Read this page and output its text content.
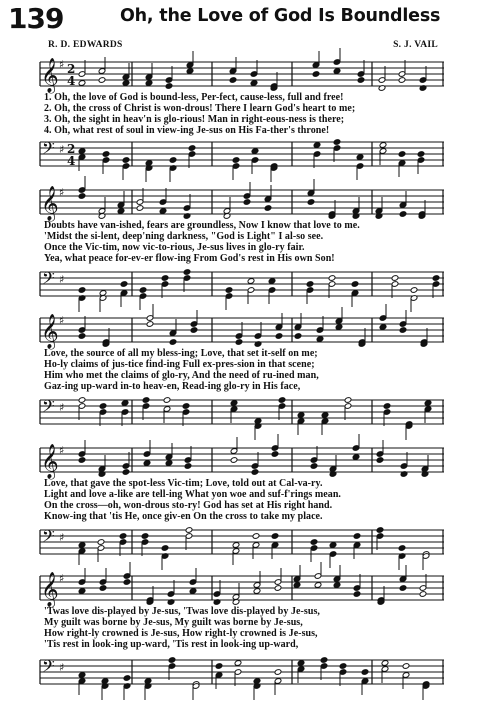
139	Oh, the Love of God Is Boundless
R. D. EDWARDS	S. J. VAIL
𝄞 ♯ 2
4
1. Oh, the love of God is bound-less, Per-fect, cause-less, full and free!
2. Oh, the cross of Christ is won-drous! There I learn God's heart to me;
3. Oh, the sight in heav'n is glo-rious! Man in right-eous-ness is there;
4. Oh, what rest of soul in view-ing Je-sus on His Fa-ther's throne!
𝄢 ♯ 2
4
𝄞 ♯
Doubts have van-ished, fears are groundless, Now I know that love to me.
'Midst the si-lent, deep'ning darkness, "God is Light" I al-so see.
Once the Vic-tim, now vic-to-rious, Je-sus lives in glo-ry fair.
Yea, what peace for-ev-er flow-ing From God's rest in His own Son!
𝄢 ♯
𝄞 ♯
Love, the source of all my bless-ing; Love, that set it-self on me;
Ho-ly claims of jus-tice find-ing Full ex-pres-sion in that scene;
Him who met the claims of glo-ry, And the need of ru-ined man,
Gaz-ing up-ward in-to heav-en, Read-ing glo-ry in His face,
𝄢 ♯
𝄞 ♯
Love, that gave the spot-less Vic-tim; Love, told out at Cal-va-ry.
Light and love a-like are tell-ing What yon woe and suf-f'rings mean.
On the cross—oh, won-drous sto-ry! God has set at His right hand.
Know-ing that 'tis He, once giv-en On the cross to take my place.
𝄢 ♯
𝄞 ♯
'Twas love dis-played by Je-sus, 'Twas love dis-played by Je-sus,
My guilt was borne by Je-sus, My guilt was borne by Je-sus,
How right-ly crowned is Je-sus, How right-ly crowned is Je-sus,
'Tis rest in look-ing up-ward, 'Tis rest in look-ing up-ward,
𝄢 ♯
